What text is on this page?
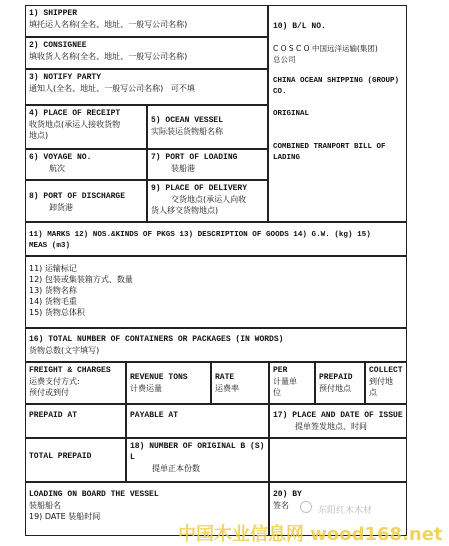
1) SHIPPER
填托运人名称(全名、地址、一般写公司名称)
2) CONSIGNEE
填收货人名称(全名、地址、一般写公司名称)
3) NOTIFY PARTY
通知人(全名、地址、一般写公司名称) 可不填
10) B/L NO.
C O S C O 中国远洋运输(集团)
总公司
CHINA OCEAN SHIPPING (GROUP)
CO.
ORIGINAL
COMBINED TRANPORT BILL OF
LADING
4) PLACE OF RECEIPT
收货地点(承运人接收货物
地点)
5) OCEAN VESSEL
实际装运货物船名称
6) VOYAGE NO.
航次
7) PORT OF LOADING
装船港
8) PORT OF DISCHARGE
卸货港
9) PLACE OF DELIVERY
交货地点(承运人向收
货人移交货物地点)
11) MARKS 12) NOS.&KINDS OF PKGS 13) DESCRIPTION OF GOODS 14) G.W. (kg) 15)
MEAS (m3)
11) 运输标记
12) 包装或集装箱方式、数量
13) 货物名称
14) 货物毛重
15) 货物总体积
16) TOTAL NUMBER OF CONTAINERS OR PACKAGES (IN WORDS)
货物总数(文字填写)
FREIGHT & CHARGES
运费支付方式:
预付或到付
REVENUE TONS
计费运量
RATE
运费率
PER
计量单
位
PREPAID
预付地点
COLLECT
到付地
点
PREPAID AT	PAYABLE AT	17) PLACE AND DATE OF ISSUE
提单签发地点、时间
TOTAL PREPAID
18) NUMBER OF ORIGINAL B (S)
L
提单正本份数
LOADING ON BOARD THE VESSEL
装船船名
19) DATE 装船时间
20) BY
签名
东阳红木木材
中国木业信息网 wood168.net
